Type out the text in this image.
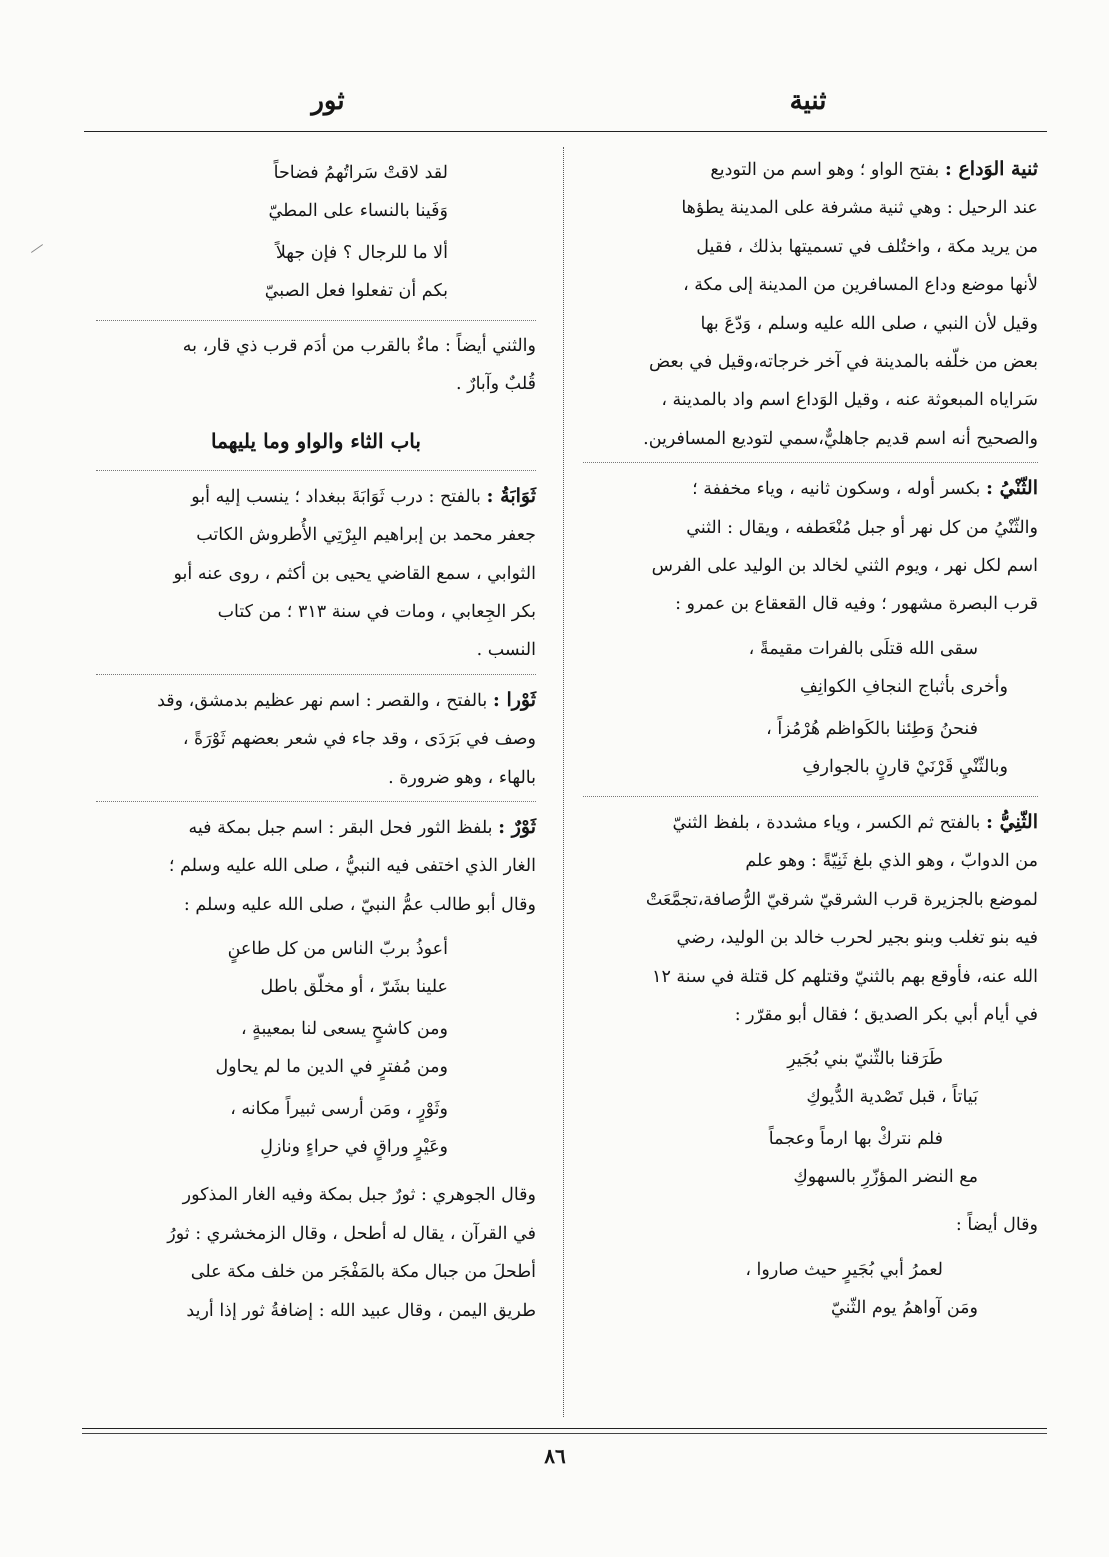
ثنية
ثور
ثنية الوَداع : بفتح الواو ؛ وهو اسم من التوديع
عند الرحيل : وهي ثنية مشرفة على المدينة يطؤها
من يريد مكة ، واختُلف في تسميتها بذلك ، فقيل
لأنها موضع وداع المسافرين من المدينة إلى مكة ،
وقيل لأن النبي ، صلى الله عليه وسلم ، وَدّعَ بها
بعض من خلّفه بالمدينة في آخر خرجاته،وقيل في بعض
سَراياه المبعوثة عنه ، وقيل الوَداع اسم واد بالمدينة ،
والصحيح أنه اسم قديم جاهليٌّ،سمي لتوديع المسافرين.
الثّنْيُ : بكسر أوله ، وسكون ثانيه ، وياء مخففة ؛
والثّنْيُ من كل نهر أو جبل مُنْعَطفه ، ويقال : الثني
اسم لكل نهر ، ويوم الثني لخالد بن الوليد على الفرس
قرب البصرة مشهور ؛ وفيه قال القعقاع بن عمرو :
سقى الله قتلَى بالفرات مقيمةً ،
وأخرى بأثباج النجافِ الكوانِفِ
فنحنُ وَطِئنا بالكَواظم هُرْمُزاً ،
وبالثّنْيِ قَرْنَيْ قارنٍ بالجوارفِ
الثّنِيُّ : بالفتح ثم الكسر ، وياء مشددة ، بلفظ الثنيّ
من الدوابّ ، وهو الذي بلغ ثَنِيّةً : وهو علم
لموضع بالجزيرة قرب الشرقيّ شرقيّ الرُّصافة،تجمَّعَتْ
فيه بنو تغلب وبنو بجير لحرب خالد بن الوليد، رضي
الله عنه، فأوقع بهم بالثنيّ وقتلهم كل قتلة في سنة ١٢
في أيام أبي بكر الصديق ؛ فقال أبو مقرّر :
طَرَقنا بالثّنيّ بني بُجَيرِ
بَياتاً ، قبل تَصْدية الدُّيوكِ
فلم نتركْ بها ارماً وعجماً
مع النضر المؤزّرِ بالسهوكِ
وقال أيضاً :
لعمرُ أبي بُجَيرٍ حيث صاروا ،
ومَن آواهمُ يوم الثّنيّ
لقد لاقتْ سَراتُهمُ فضاحاً
وَفَينا بالنساء على المطيّ
ألا ما للرجال ؟ فإن جهلاً
بكم أن تفعلوا فعل الصبيّ
والثني أيضاً : ماءٌ بالقرب من أدَم قرب ذي قار، به
قُلبٌ وآبارٌ .
باب الثاء والواو وما يليهما
ثَوَابَةُ : بالفتح : درب ثَوَابَةَ ببغداد ؛ ينسب إليه أبو
جعفر محمد بن إبراهيم البِرْتِي الأُطروش الكاتب
الثوابي ، سمع القاضي يحيى بن أكثم ، روى عنه أبو
بكر الجِعابي ، ومات في سنة ٣١٣ ؛ من كتاب
النسب .
ثَوْرا : بالفتح ، والقصر : اسم نهر عظيم بدمشق، وقد
وصف في بَرَدَى ، وقد جاء في شعر بعضهم ثَوْرَةً ،
بالهاء ، وهو ضرورة .
ثَوْرٌ : بلفظ الثور فحل البقر : اسم جبل بمكة فيه
الغار الذي اختفى فيه النبيُّ ، صلى الله عليه وسلم ؛
وقال أبو طالب عمُّ النبيّ ، صلى الله عليه وسلم :
أعوذُ بربّ الناس من كل طاعنٍ
علينا بشَرّ ، أو مخلّق باطل
ومن كاشحٍ يسعى لنا بمعيبةٍ ،
ومن مُفترٍ في الدين ما لم يحاول
وثَوْرٍ ، ومَن أرسى ثبيراً مكانه ،
وعَيْرٍ وراقٍ في حراءٍ ونازلِ
وقال الجوهري : ثورٌ جبل بمكة وفيه الغار المذكور
في القرآن ، يقال له أطحل ، وقال الزمخشري : ثورُ
أطحلَ من جبال مكة بالمَفْجَر من خلف مكة على
طريق اليمن ، وقال عبيد الله : إضافةُ ثور إذا أريد
٨٦
